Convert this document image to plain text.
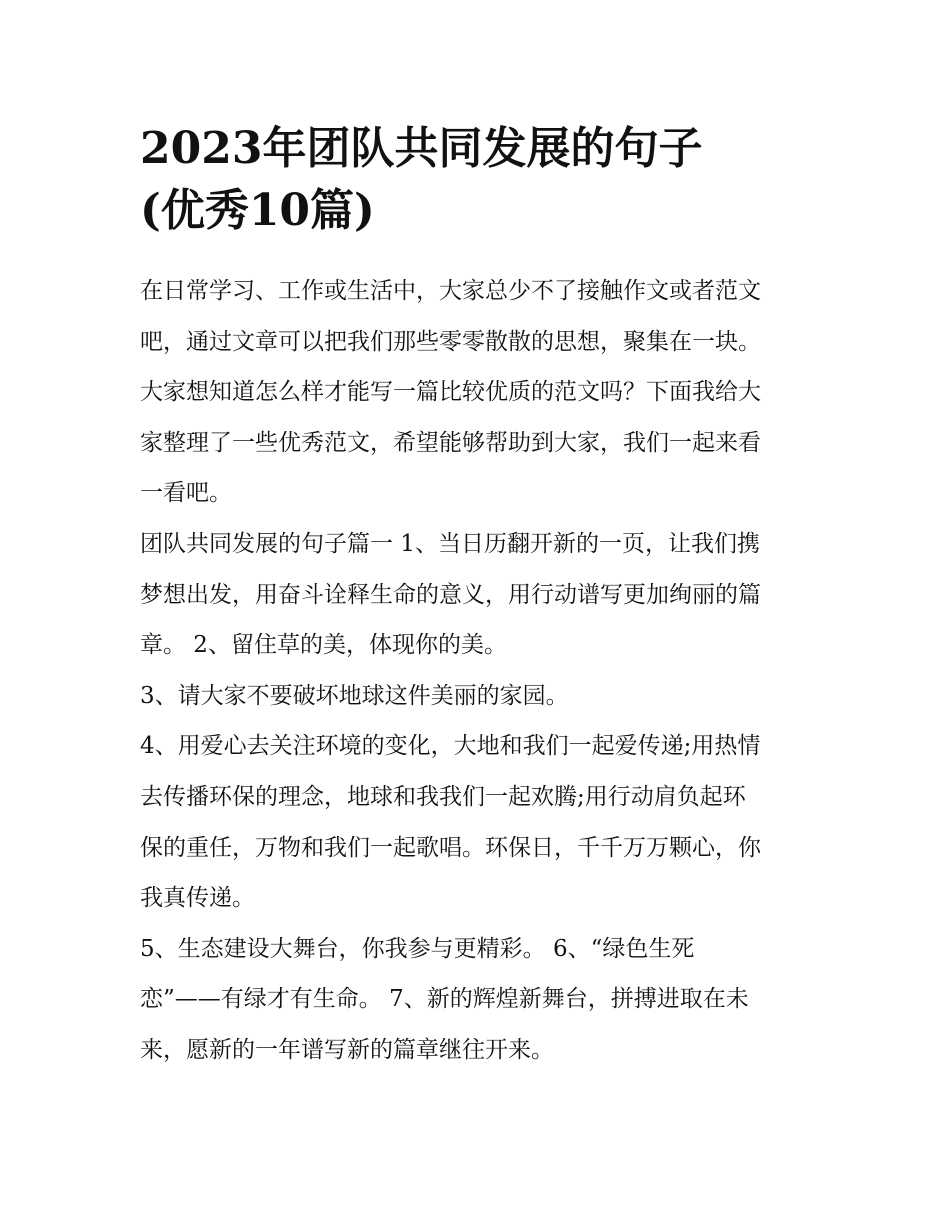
2023年团队共同发展的句子
(优秀10篇)
在日常学习、工作或生活中，大家总少不了接触作文或者范文
吧，通过文章可以把我们那些零零散散的思想，聚集在一块。
大家想知道怎么样才能写一篇比较优质的范文吗？下面我给大
家整理了一些优秀范文，希望能够帮助到大家，我们一起来看
一看吧。
团队共同发展的句子篇一 1、当日历翻开新的一页，让我们携
梦想出发，用奋斗诠释生命的意义，用行动谱写更加绚丽的篇
章。 2、留住草的美，体现你的美。
3、请大家不要破坏地球这件美丽的家园。
4、用爱心去关注环境的变化，大地和我们一起爱传递;用热情
去传播环保的理念，地球和我我们一起欢腾;用行动肩负起环
保的重任，万物和我们一起歌唱。环保日，千千万万颗心，你
我真传递。
5、生态建设大舞台，你我参与更精彩。 6、“绿色生死
恋”——有绿才有生命。 7、新的辉煌新舞台，拼搏进取在未
来，愿新的一年谱写新的篇章继往开来。
